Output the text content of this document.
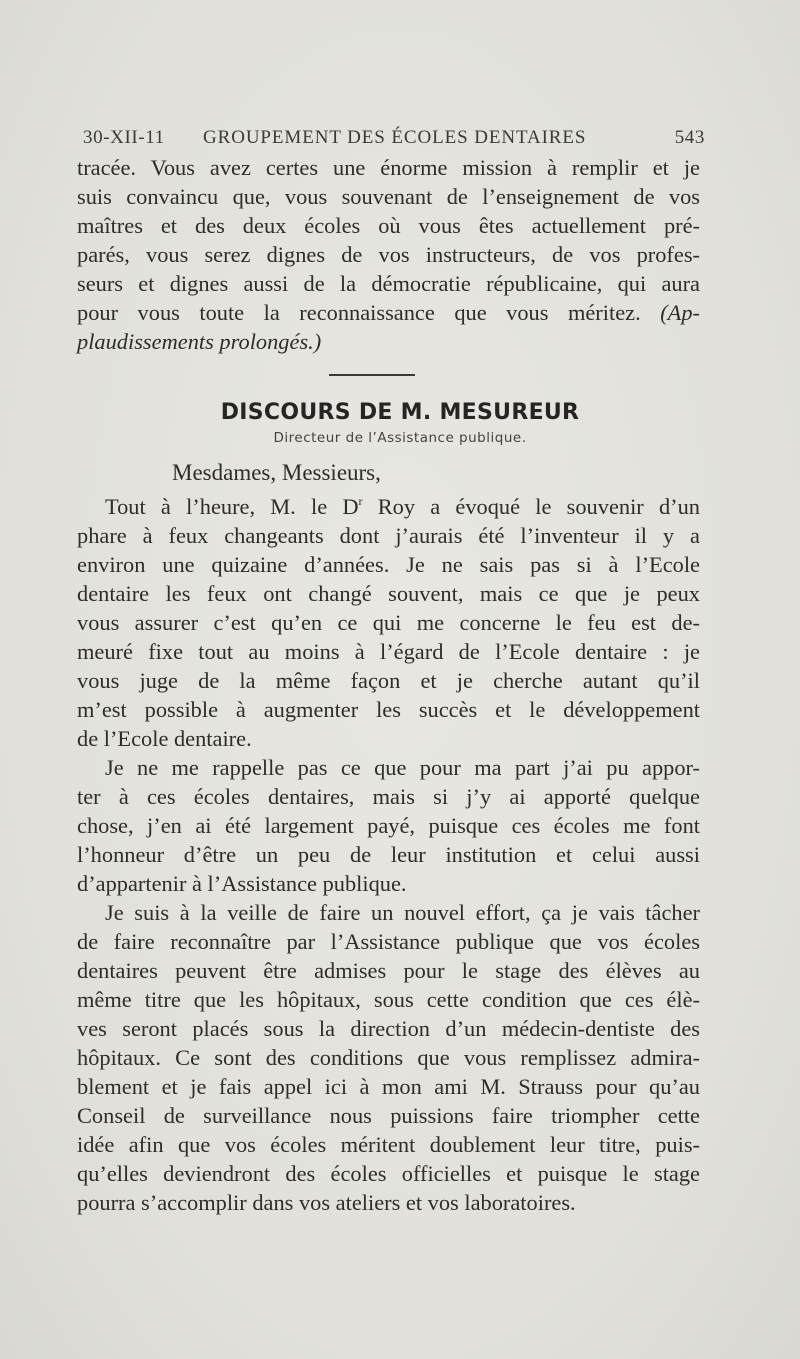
30-XII-11 GROUPEMENT DES ÉCOLES DENTAIRES	543
tracée. Vous avez certes une énorme mission à remplir et je
suis convaincu que, vous souvenant de l’enseignement de vos
maîtres et des deux écoles où vous êtes actuellement pré-
parés, vous serez dignes de vos instructeurs, de vos profes-
seurs et dignes aussi de la démocratie républicaine, qui aura
pour vous toute la reconnaissance que vous méritez. (Ap-
plaudissements prolongés.)
DISCOURS DE M. MESUREUR
Directeur de l’Assistance publique.
Mesdames, Messieurs,
Tout à l’heure, M. le $D^r$ Roy a évoqué le souvenir d’un
phare à feux changeants dont j’aurais été l’inventeur il y a
environ une quizaine d’années. Je ne sais pas si à l’Ecole
dentaire les feux ont changé souvent, mais ce que je peux
vous assurer c’est qu’en ce qui me concerne le feu est de-
meuré fixe tout au moins à l’égard de l’Ecole dentaire : je
vous juge de la même façon et je cherche autant qu’il
m’est possible à augmenter les succès et le développement
de l’Ecole dentaire.
Je ne me rappelle pas ce que pour ma part j’ai pu appor-
ter à ces écoles dentaires, mais si j’y ai apporté quelque
chose, j’en ai été largement payé, puisque ces écoles me font
l’honneur d’être un peu de leur institution et celui aussi
d’appartenir à l’Assistance publique.
Je suis à la veille de faire un nouvel effort, ça je vais tâcher
de faire reconnaître par l’Assistance publique que vos écoles
dentaires peuvent être admises pour le stage des élèves au
même titre que les hôpitaux, sous cette condition que ces élè-
ves seront placés sous la direction d’un médecin-dentiste des
hôpitaux. Ce sont des conditions que vous remplissez admira-
blement et je fais appel ici à mon ami M. Strauss pour qu’au
Conseil de surveillance nous puissions faire triompher cette
idée afin que vos écoles méritent doublement leur titre, puis-
qu’elles deviendront des écoles officielles et puisque le stage
pourra s’accomplir dans vos ateliers et vos laboratoires.
